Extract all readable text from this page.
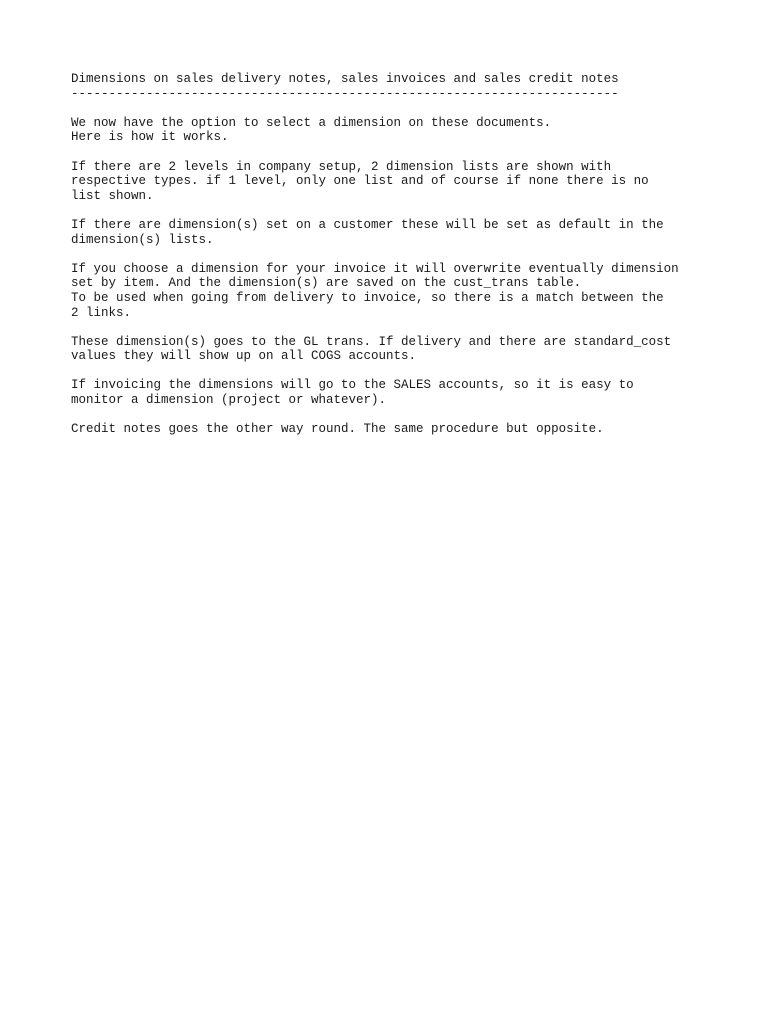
Dimensions on sales delivery notes, sales invoices and sales credit notes
-------------------------------------------------------------------------
We now have the option to select a dimension on these documents.
Here is how it works.
If there are 2 levels in company setup, 2 dimension lists are shown with
respective types. if 1 level, only one list and of course if none there is no
list shown.
If there are dimension(s) set on a customer these will be set as default in the
dimension(s) lists.
If you choose a dimension for your invoice it will overwrite eventually dimension
set by item. And the dimension(s) are saved on the cust_trans table.
To be used when going from delivery to invoice, so there is a match between the
2 links.
These dimension(s) goes to the GL trans. If delivery and there are standard_cost
values they will show up on all COGS accounts.
If invoicing the dimensions will go to the SALES accounts, so it is easy to
monitor a dimension (project or whatever).
Credit notes goes the other way round. The same procedure but opposite.
